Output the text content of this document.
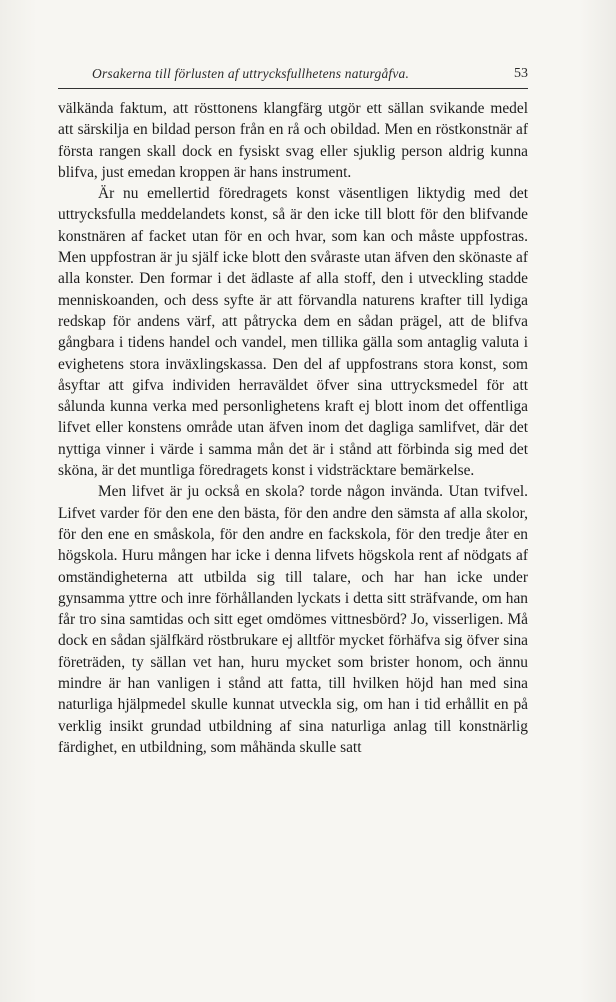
Orsakerna till förlusten af uttrycksfullhetens naturgåfva.	53

välkända faktum, att rösttonens klangfärg utgör ett sällan svikande medel att särskilja en bildad person från en rå och obildad. Men en röstkonstnär af första rangen skall dock en fysiskt svag eller sjuklig person aldrig kunna blifva, just emedan kroppen är hans instrument.

Är nu emellertid föredragets konst väsentligen liktydig med det uttrycksfulla meddelandets konst, så är den icke till blott för den blifvande konstnären af facket utan för en och hvar, som kan och måste uppfostras. Men uppfostran är ju själf icke blott den svåraste utan äfven den skönaste af alla konster. Den formar i det ädlaste af alla stoff, den i utveckling stadde menniskoanden, och dess syfte är att förvandla naturens krafter till lydiga redskap för andens värf, att påtrycka dem en sådan prägel, att de blifva gångbara i tidens handel och vandel, men tillika gälla som antaglig valuta i evighetens stora inväxlingskassa. Den del af uppfostrans stora konst, som åsyftar att gifva individen herraväldet öfver sina uttrycksmedel för att sålunda kunna verka med personlighetens kraft ej blott inom det offentliga lifvet eller konstens område utan äfven inom det dagliga samlifvet, där det nyttiga vinner i värde i samma mån det är i stånd att förbinda sig med det sköna, är det muntliga föredragets konst i vidsträcktare bemärkelse.

Men lifvet är ju också en skola? torde någon invända. Utan tvifvel. Lifvet varder för den ene den bästa, för den andre den sämsta af alla skolor, för den ene en småskola, för den andre en fackskola, för den tredje åter en högskola. Huru mången har icke i denna lifvets högskola rent af nödgats af omständigheterna att utbilda sig till talare, och har han icke under gynsamma yttre och inre förhållanden lyckats i detta sitt sträfvande, om han får tro sina samtidas och sitt eget omdömes vittnesbörd? Jo, visserligen. Må dock en sådan själfkärd röstbrukare ej alltför mycket förhäfva sig öfver sina företräden, ty sällan vet han, huru mycket som brister honom, och ännu mindre är han vanligen i stånd att fatta, till hvilken höjd han med sina naturliga hjälpmedel skulle kunnat utveckla sig, om han i tid erhållit en på verklig insikt grundad utbildning af sina naturliga anlag till konstnärlig färdighet, en utbildning, som måhända skulle satt
